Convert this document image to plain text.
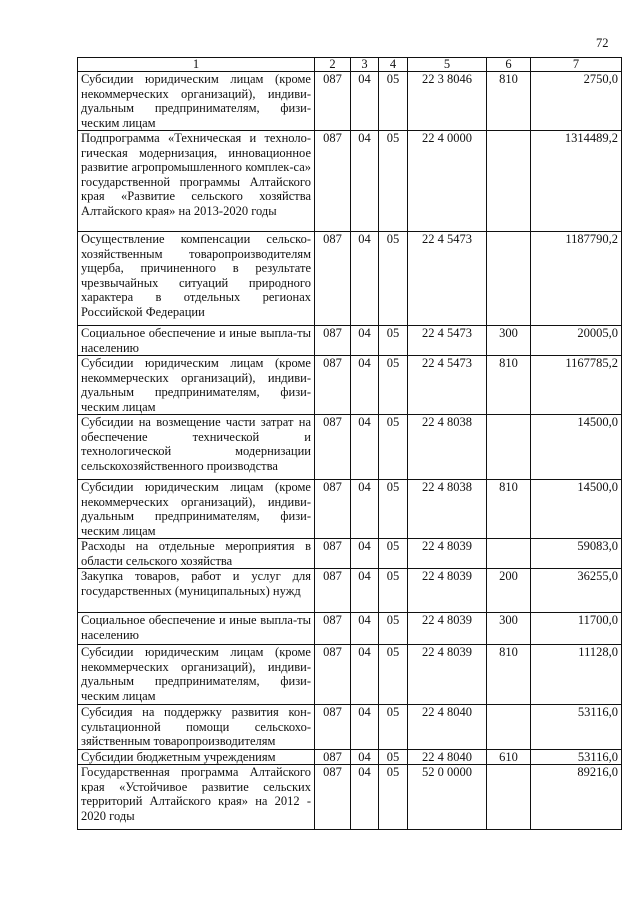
72
1	2	3	4	5	6	7
Субсидии юридическим лицам (кроме некоммерческих организаций), индиви-дуальным предпринимателям, физи-ческим лицам	087	04	05	22 3 8046	810	2750,0
Подпрограмма «Техническая и техноло-гическая модернизация, инновационное развитие агропромышленного комплек-са» государственной программы Алтайского края «Развитие сельского хозяйства Алтайского края» на 2013-2020 годы	087	04	05	22 4 0000		1314489,2
Осуществление компенсации сельско-хозяйственным товаропроизводителям ущерба, причиненного в результате чрезвычайных ситуаций природного характера в отдельных регионах Российской Федерации	087	04	05	22 4 5473		1187790,2
Социальное обеспечение и иные выпла-ты населению	087	04	05	22 4 5473	300	20005,0
Субсидии юридическим лицам (кроме некоммерческих организаций), индиви-дуальным предпринимателям, физи-ческим лицам	087	04	05	22 4 5473	810	1167785,2
Субсидии на возмещение части затрат на обеспечение технической и технологической модернизации сельскохозяйственного производства	087	04	05	22 4 8038		14500,0
Субсидии юридическим лицам (кроме некоммерческих организаций), индиви-дуальным предпринимателям, физи-ческим лицам	087	04	05	22 4 8038	810	14500,0
Расходы на отдельные мероприятия в области сельского хозяйства	087	04	05	22 4 8039		59083,0
Закупка товаров, работ и услуг для государственных (муниципальных) нужд	087	04	05	22 4 8039	200	36255,0
Социальное обеспечение и иные выпла-ты населению	087	04	05	22 4 8039	300	11700,0
Субсидии юридическим лицам (кроме некоммерческих организаций), индиви-дуальным предпринимателям, физи-ческим лицам	087	04	05	22 4 8039	810	11128,0
Субсидия на поддержку развития кон-сультационной помощи сельскохо-зяйственным товаропроизводителям	087	04	05	22 4 8040		53116,0
Субсидии бюджетным учреждениям	087	04	05	22 4 8040	610	53116,0
Государственная программа Алтайского края «Устойчивое развитие сельских территорий Алтайского края» на 2012 - 2020 годы	087	04	05	52 0 0000		89216,0
